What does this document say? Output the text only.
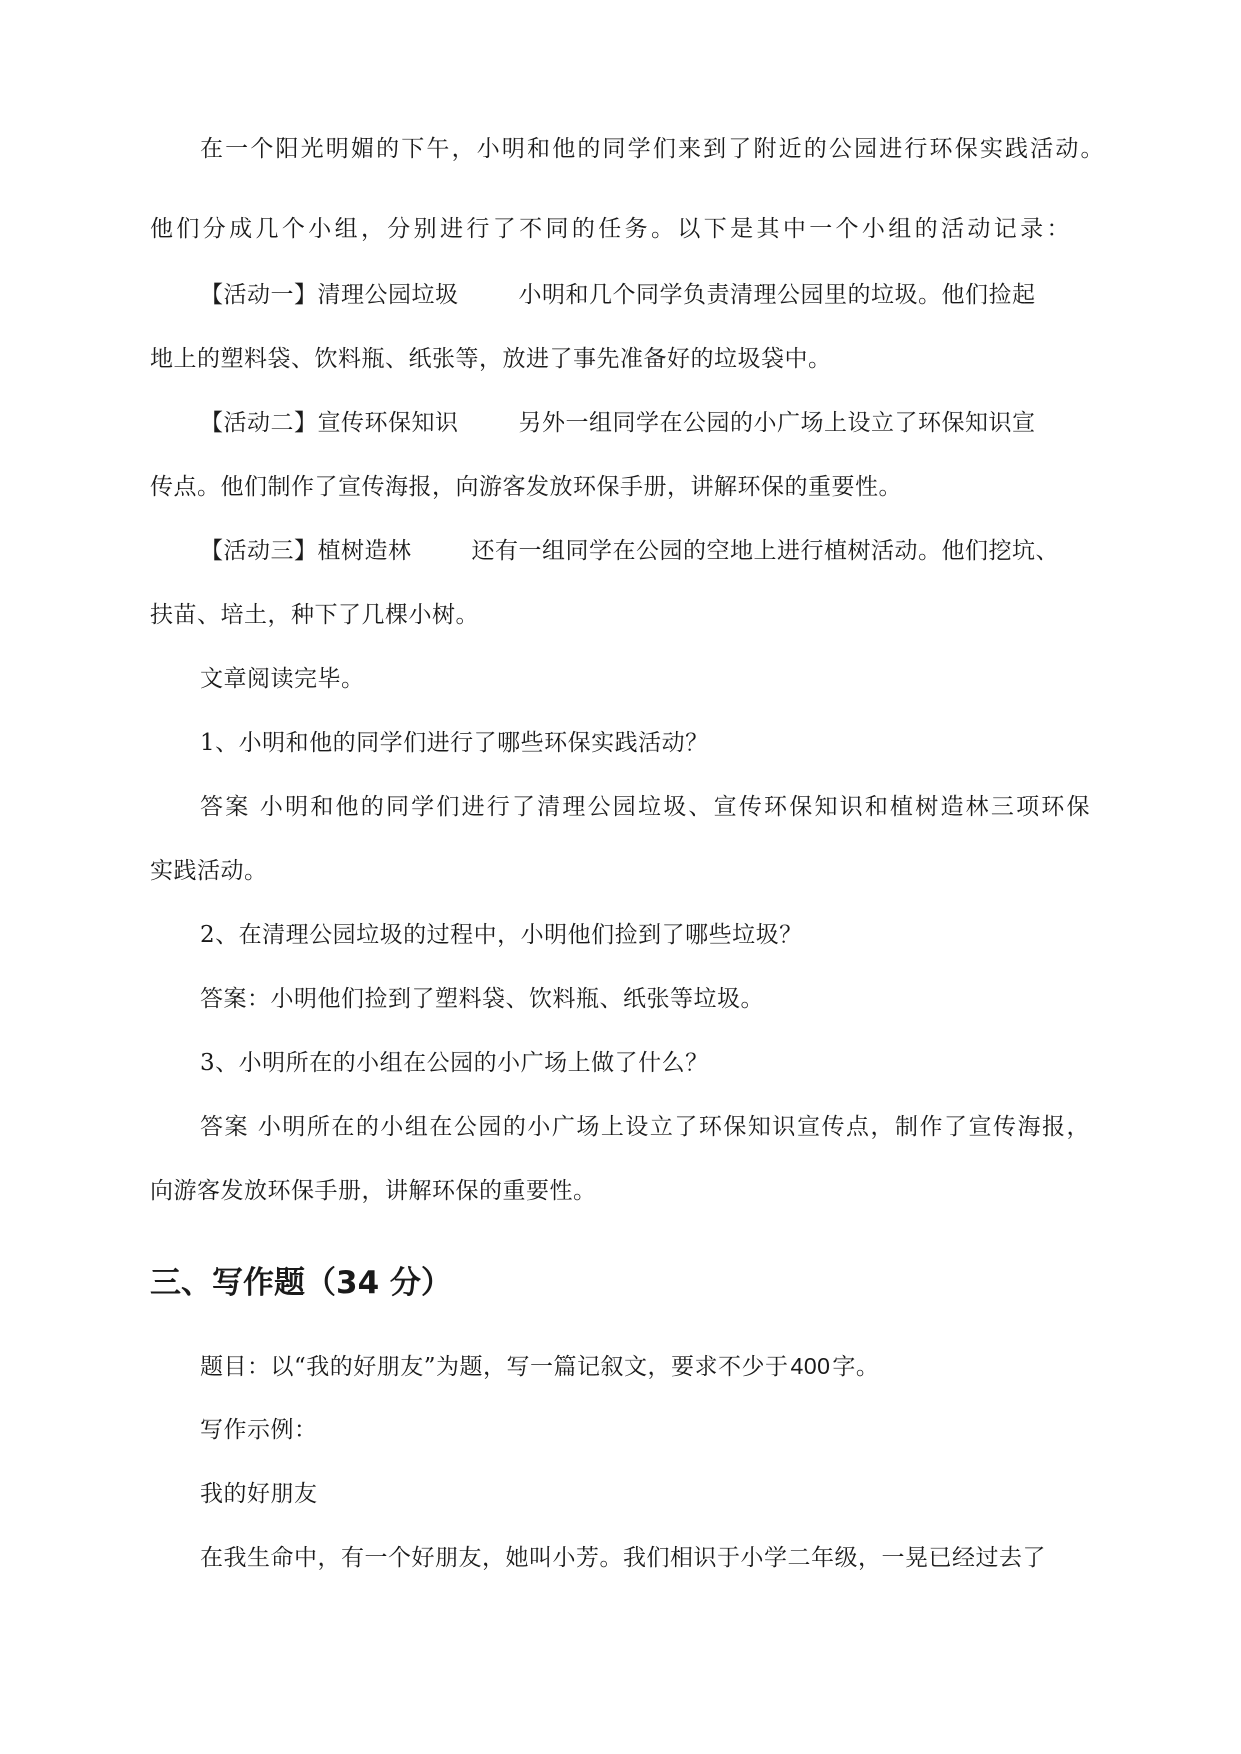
在一个阳光明媚的下午，小明和他的同学们来到了附近的公园进行环保实践活动。
他们分成几个小组，分别进行了不同的任务。以下是其中一个小组的活动记录：
【活动一】清理公园垃圾	小明和几个同学负责清理公园里的垃圾。他们捡起
地上的塑料袋、饮料瓶、纸张等，放进了事先准备好的垃圾袋中。
【活动二】宣传环保知识	另外一组同学在公园的小广场上设立了环保知识宣
传点。他们制作了宣传海报，向游客发放环保手册，讲解环保的重要性。
【活动三】植树造林	还有一组同学在公园的空地上进行植树活动。他们挖坑、
扶苗、培土，种下了几棵小树。
文章阅读完毕。
1、小明和他的同学们进行了哪些环保实践活动？
答案 小明和他的同学们进行了清理公园垃圾、宣传环保知识和植树造林三项环保
实践活动。
2、在清理公园垃圾的过程中，小明他们捡到了哪些垃圾？
答案：小明他们捡到了塑料袋、饮料瓶、纸张等垃圾。
3、小明所在的小组在公园的小广场上做了什么？
答案 小明所在的小组在公园的小广场上设立了环保知识宣传点，制作了宣传海报，
向游客发放环保手册，讲解环保的重要性。
三、写作题（34 分）
题目：以“我的好朋友”为题，写一篇记叙文，要求不少于400字。
写作示例：
我的好朋友
在我生命中，有一个好朋友，她叫小芳。我们相识于小学二年级，一晃已经过去了
